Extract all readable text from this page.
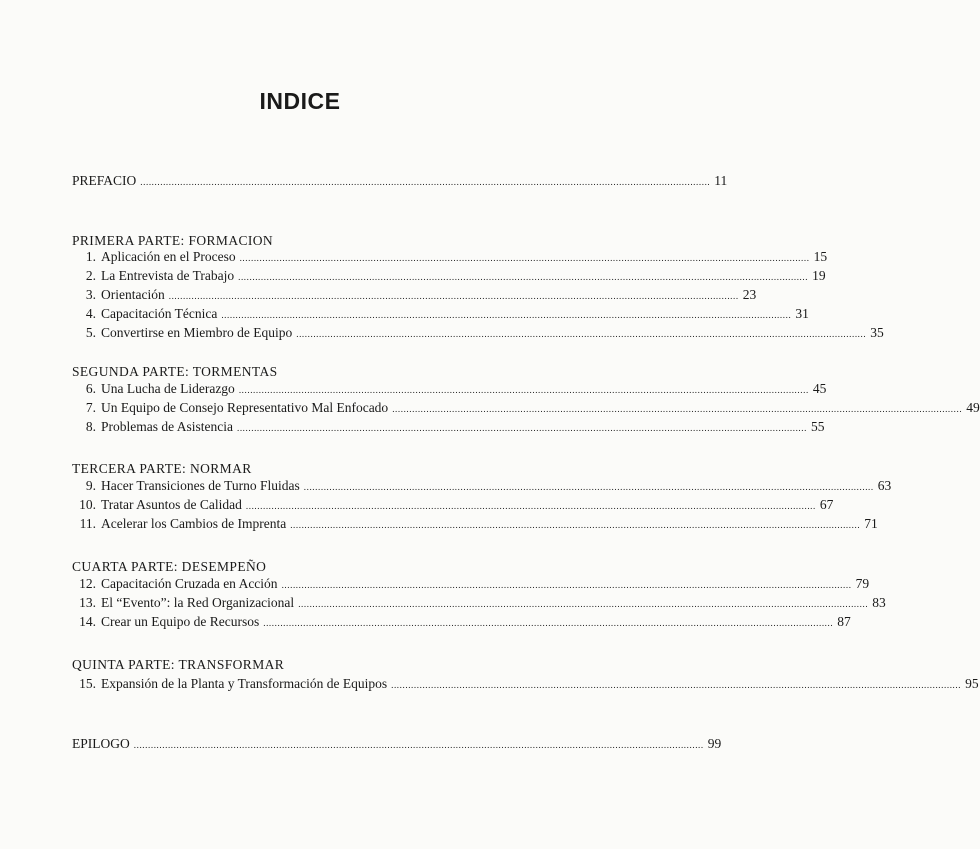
INDICE
PREFACIO ........................................................................................................................................................................................................ 11
PRIMERA PARTE: FORMACION
1. Aplicación en el Proceso ........................................................................................................................................................................................................ 15
2. La Entrevista de Trabajo ........................................................................................................................................................................................................ 19
3. Orientación ........................................................................................................................................................................................................ 23
4. Capacitación Técnica ........................................................................................................................................................................................................ 31
5. Convertirse en Miembro de Equipo ........................................................................................................................................................................................................ 35
SEGUNDA PARTE: TORMENTAS
6. Una Lucha de Liderazgo ........................................................................................................................................................................................................ 45
7. Un Equipo de Consejo Representativo Mal Enfocado ........................................................................................................................................................................................................ 49
8. Problemas de Asistencia ........................................................................................................................................................................................................ 55
TERCERA PARTE: NORMAR
9. Hacer Transiciones de Turno Fluidas ........................................................................................................................................................................................................ 63
10. Tratar Asuntos de Calidad ........................................................................................................................................................................................................ 67
11. Acelerar los Cambios de Imprenta ........................................................................................................................................................................................................ 71
CUARTA PARTE: DESEMPEÑO
12. Capacitación Cruzada en Acción ........................................................................................................................................................................................................ 79
13. El “Evento”: la Red Organizacional ........................................................................................................................................................................................................ 83
14. Crear un Equipo de Recursos ........................................................................................................................................................................................................ 87
QUINTA PARTE: TRANSFORMAR
15. Expansión de la Planta y Transformación de Equipos ........................................................................................................................................................................................................ 95
EPILOGO ........................................................................................................................................................................................................ 99
